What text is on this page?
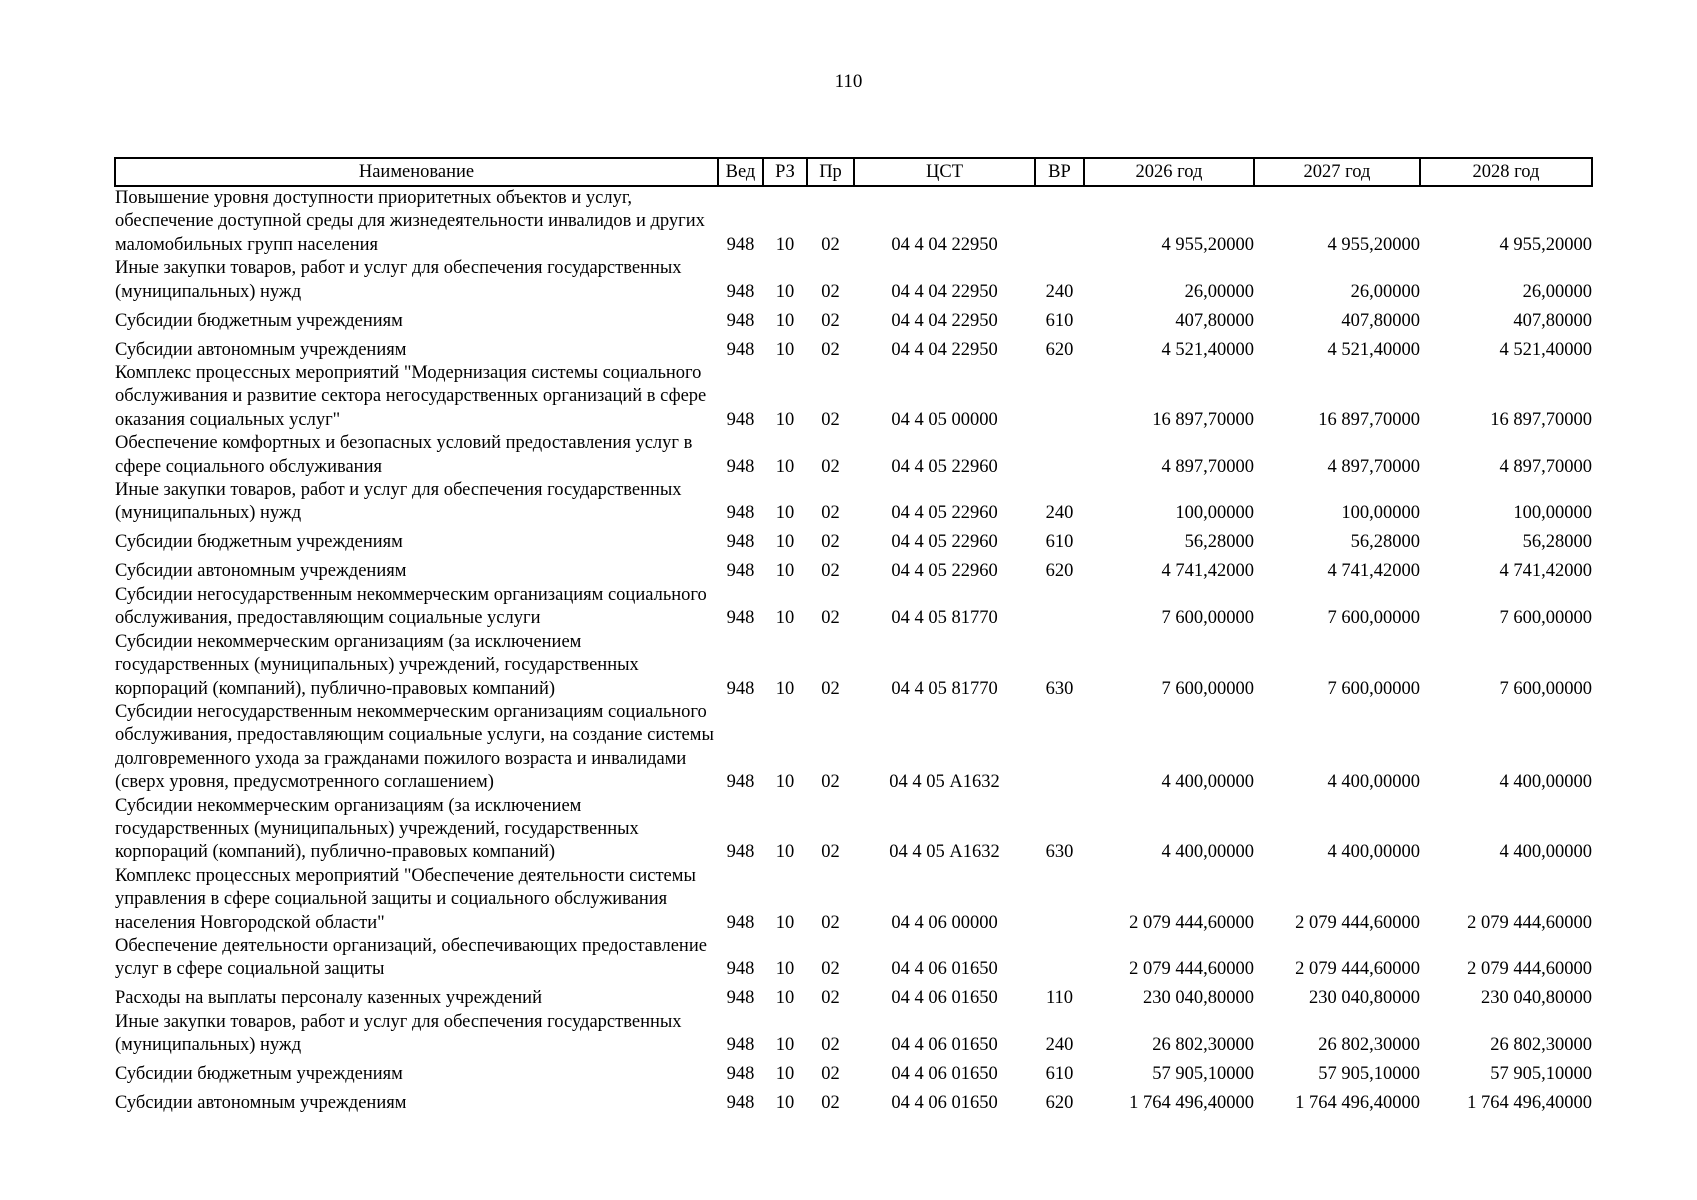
110
Наименование	Вед	РЗ	Пр	ЦСТ	ВР	2026 год	2027 год	2028 год
Повышение уровня доступности приоритетных объектов и услуг, обеспечение доступной среды для жизнедеятельности инвалидов и других маломобильных групп населения	948	10	02	04 4 04 22950		4 955,20000	4 955,20000	4 955,20000
Иные закупки товаров, работ и услуг для обеспечения государственных (муниципальных) нужд	948	10	02	04 4 04 22950	240	26,00000	26,00000	26,00000
Субсидии бюджетным учреждениям	948	10	02	04 4 04 22950	610	407,80000	407,80000	407,80000
Субсидии автономным учреждениям	948	10	02	04 4 04 22950	620	4 521,40000	4 521,40000	4 521,40000
Комплекс процессных мероприятий "Модернизация системы социального обслуживания и развитие сектора негосударственных организаций в сфере оказания социальных услуг"	948	10	02	04 4 05 00000		16 897,70000	16 897,70000	16 897,70000
Обеспечение комфортных и безопасных условий предоставления услуг в сфере социального обслуживания	948	10	02	04 4 05 22960		4 897,70000	4 897,70000	4 897,70000
Иные закупки товаров, работ и услуг для обеспечения государственных (муниципальных) нужд	948	10	02	04 4 05 22960	240	100,00000	100,00000	100,00000
Субсидии бюджетным учреждениям	948	10	02	04 4 05 22960	610	56,28000	56,28000	56,28000
Субсидии автономным учреждениям	948	10	02	04 4 05 22960	620	4 741,42000	4 741,42000	4 741,42000
Субсидии негосударственным некоммерческим организациям социального обслуживания, предоставляющим социальные услуги	948	10	02	04 4 05 81770		7 600,00000	7 600,00000	7 600,00000
Субсидии некоммерческим организациям (за исключением государственных (муниципальных) учреждений, государственных корпораций (компаний), публично-правовых компаний)	948	10	02	04 4 05 81770	630	7 600,00000	7 600,00000	7 600,00000
Субсидии негосударственным некоммерческим организациям социального обслуживания, предоставляющим социальные услуги, на создание системы долговременного ухода за гражданами пожилого возраста и инвалидами (сверх уровня, предусмотренного соглашением)	948	10	02	04 4 05 А1632		4 400,00000	4 400,00000	4 400,00000
Субсидии некоммерческим организациям (за исключением государственных (муниципальных) учреждений, государственных корпораций (компаний), публично-правовых компаний)	948	10	02	04 4 05 А1632	630	4 400,00000	4 400,00000	4 400,00000
Комплекс процессных мероприятий "Обеспечение деятельности системы управления в сфере социальной защиты и социального обслуживания населения Новгородской области"	948	10	02	04 4 06 00000		2 079 444,60000	2 079 444,60000	2 079 444,60000
Обеспечение деятельности организаций, обеспечивающих предоставление услуг в сфере социальной защиты	948	10	02	04 4 06 01650		2 079 444,60000	2 079 444,60000	2 079 444,60000
Расходы на выплаты персоналу казенных учреждений	948	10	02	04 4 06 01650	110	230 040,80000	230 040,80000	230 040,80000
Иные закупки товаров, работ и услуг для обеспечения государственных (муниципальных) нужд	948	10	02	04 4 06 01650	240	26 802,30000	26 802,30000	26 802,30000
Субсидии бюджетным учреждениям	948	10	02	04 4 06 01650	610	57 905,10000	57 905,10000	57 905,10000
Субсидии автономным учреждениям	948	10	02	04 4 06 01650	620	1 764 496,40000	1 764 496,40000	1 764 496,40000
